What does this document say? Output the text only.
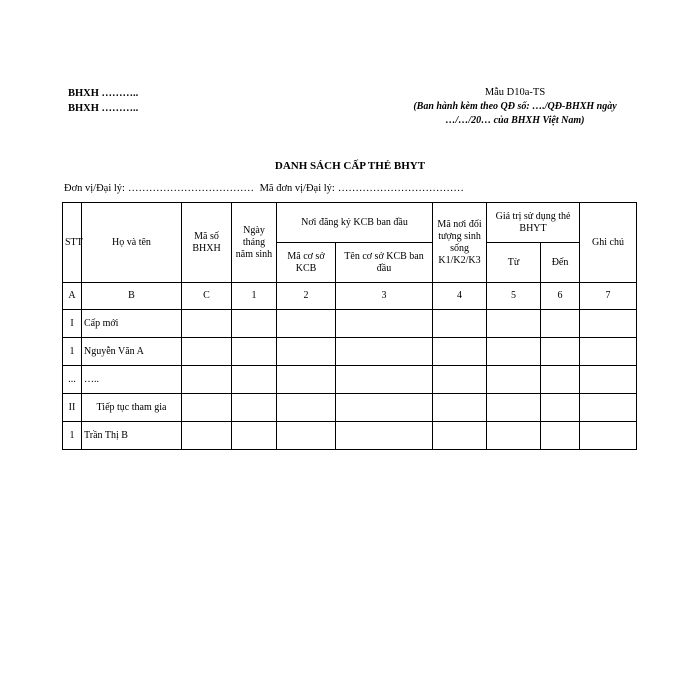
BHXH ………..
BHXH ………..
Mẫu D10a-TS
(Ban hành kèm theo QĐ số: …./QĐ-BHXH ngày
…/…/20… của BHXH Việt Nam)
DANH SÁCH CẤP THẺ BHYT
Đơn vị/Đại lý: ……………………………… Mã đơn vị/Đại lý: ………………………………
STT	Họ và tên	Mã số BHXH	Ngày tháng năm sinh	Nơi đăng ký KCB ban đầu		Mã nơi đối tượng sinh sống K1/K2/K3	Giá trị sử dụng thẻ BHYT		Ghi chú
				Mã cơ sở KCB	Tên cơ sở KCB ban đầu		Từ	Đến	
A	B	C	1	2	3	4	5	6	7
I	Cấp mới								
1	Nguyễn Văn A								
...	…..								
II	Tiếp tục tham gia								
1	Trần Thị B								
